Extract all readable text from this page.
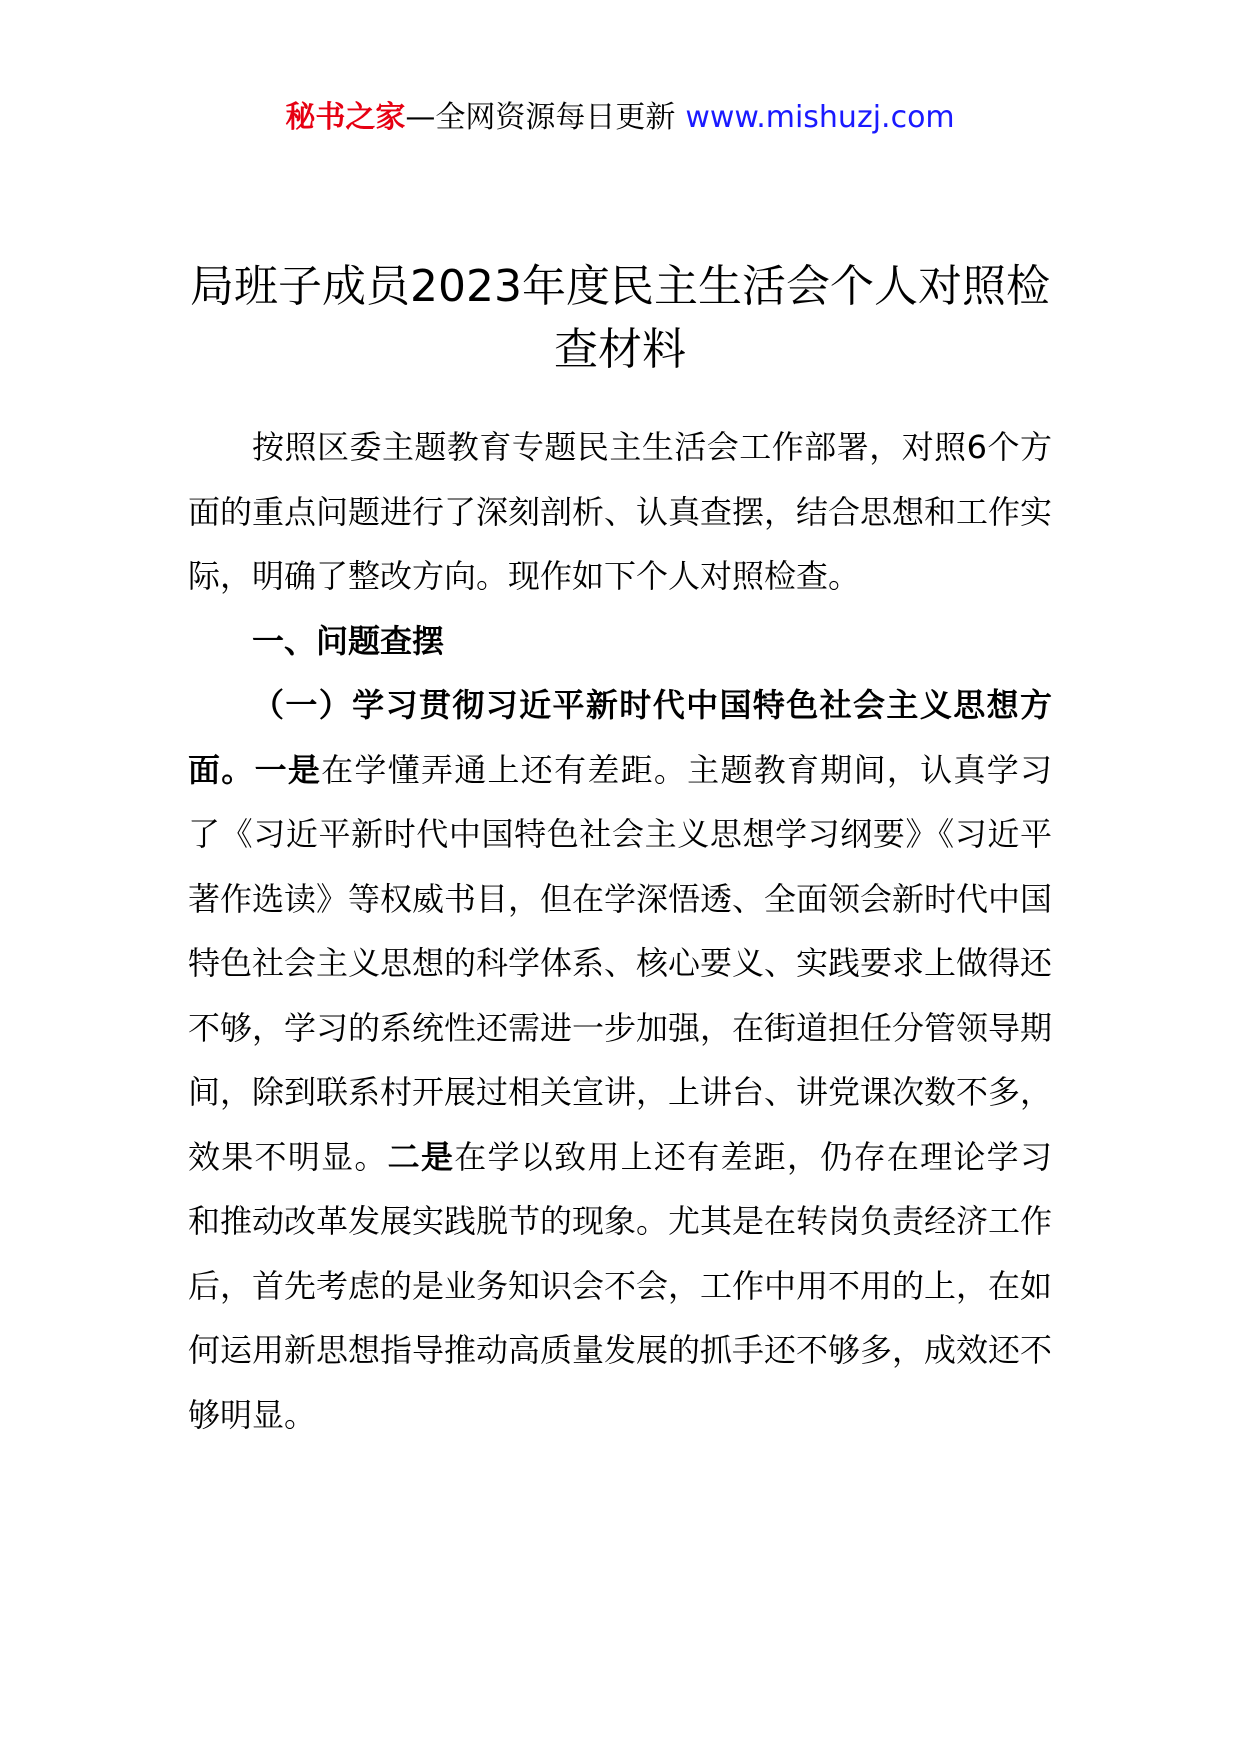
秘书之家—全网资源每日更新 www.mishuzj.com
局班子成员2023年度民主生活会个人对照检查材料

按照区委主题教育专题民主生活会工作部署，对照6个方面的重点问题进行了深刻剖析、认真查摆，结合思想和工作实际，明确了整改方向。现作如下个人对照检查。

一、问题查摆

（一）学习贯彻习近平新时代中国特色社会主义思想方面。一是在学懂弄通上还有差距。主题教育期间，认真学习了《习近平新时代中国特色社会主义思想学习纲要》《习近平著作选读》等权威书目，但在学深悟透、全面领会新时代中国特色社会主义思想的科学体系、核心要义、实践要求上做得还不够，学习的系统性还需进一步加强，在街道担任分管领导期间，除到联系村开展过相关宣讲，上讲台、讲党课次数不多，效果不明显。二是在学以致用上还有差距，仍存在理论学习和推动改革发展实践脱节的现象。尤其是在转岗负责经济工作后，首先考虑的是业务知识会不会，工作中用不用的上，在如何运用新思想指导推动高质量发展的抓手还不够多，成效还不够明显。
